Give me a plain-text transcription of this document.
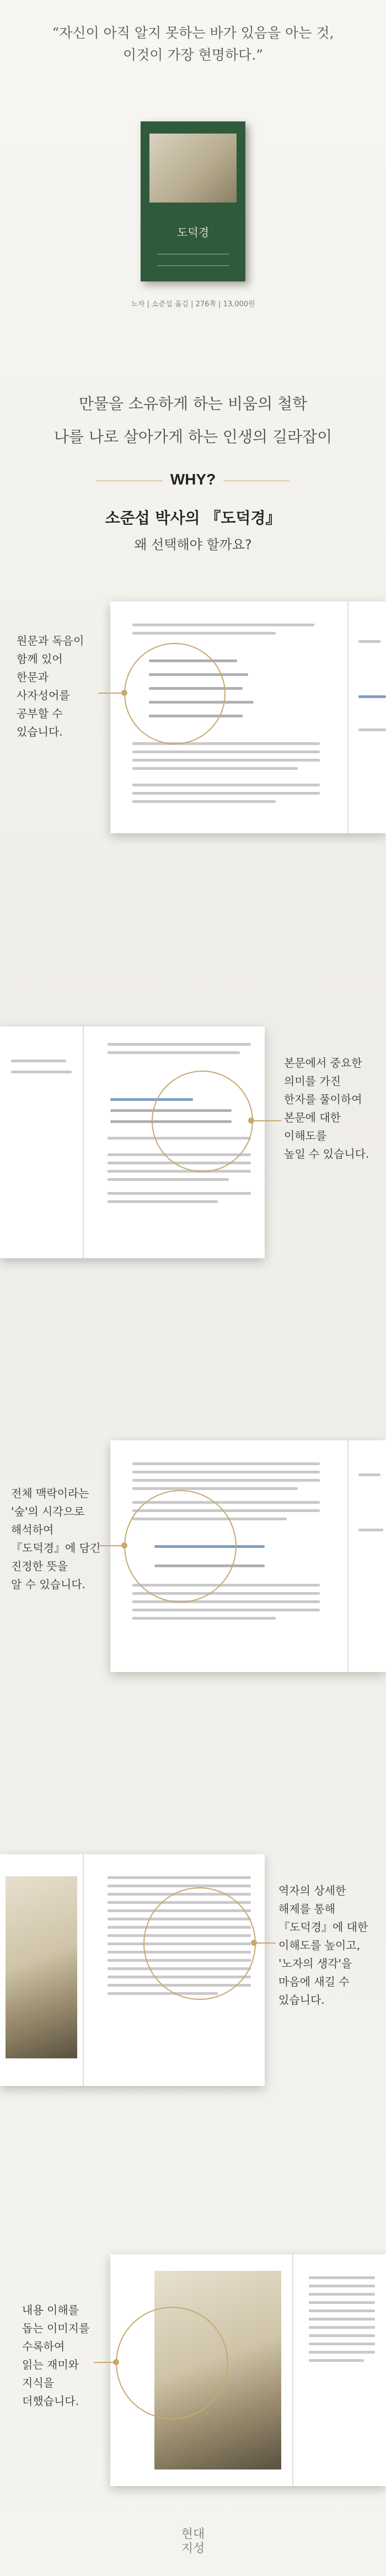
“자신이 아직 알지 못하는 바가 있음을 아는 것,
이것이 가장 현명하다.”
도덕경
노자 | 소준섭 옮김 | 276쪽 | 13,000원
만물을 소유하게 하는 비움의 철학
나를 나로 살아가게 하는 인생의 길라잡이
WHY?
소준섭 박사의 『도덕경』
왜 선택해야 할까요?
원문과 독음이
함께 있어
한문과
사자성어를
공부할 수
있습니다.
본문에서 중요한
의미를 가진
한자를 풀이하여
본문에 대한
이해도를
높일 수 있습니다.
전체 맥락이라는
'숲'의 시각으로
해석하여
『도덕경』에 담긴
진정한 뜻을
알 수 있습니다.
역자의 상세한
해제를 통해
『도덕경』에 대한
이해도를 높이고,
'노자의 생각'을
마음에 새길 수
있습니다.
내용 이해를
돕는 이미지를
수록하여
읽는 재미와
지식을
더했습니다.
현대
지성
